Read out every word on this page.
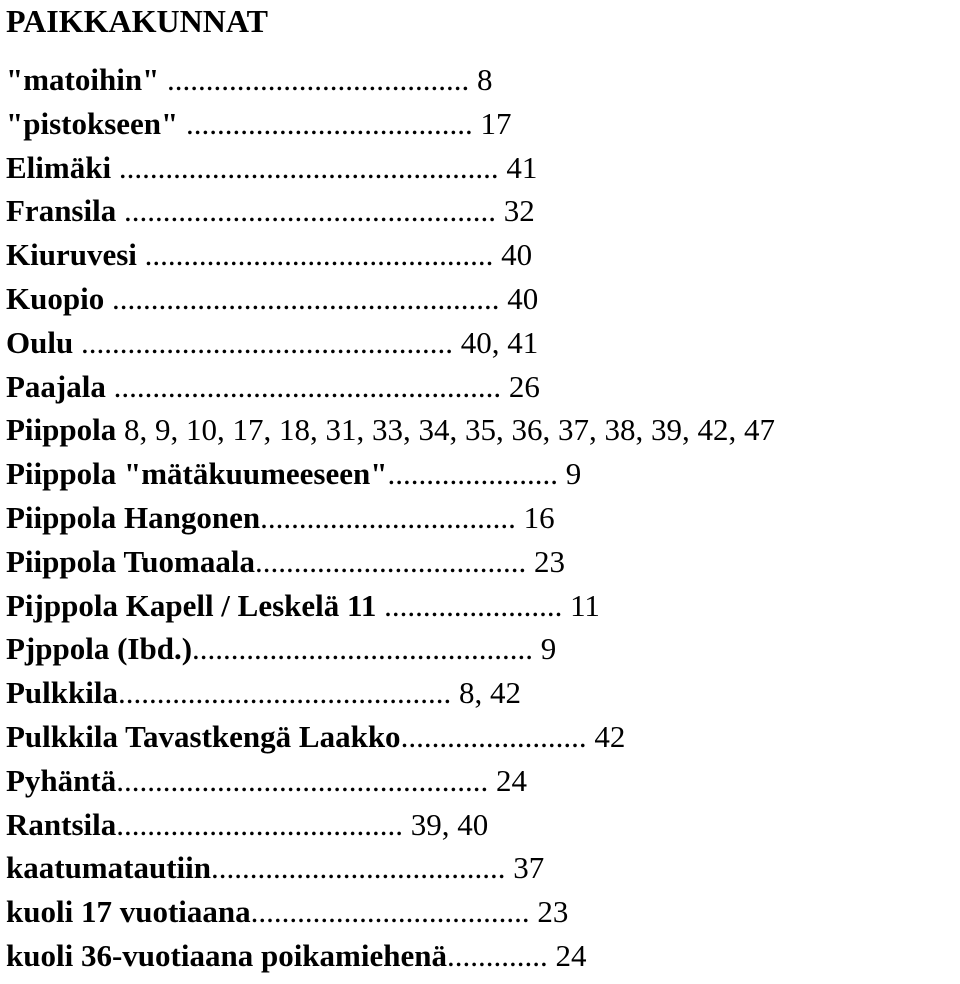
PAIKKAKUNNAT
"matoihin" ....................................... 8
"pistokseen" ..................................... 17
Elimäki ................................................. 41
Fransila ................................................ 32
Kiuruvesi ............................................. 40
Kuopio .................................................. 40
Oulu ................................................ 40, 41
Paajala .................................................. 26
Piippola 8, 9, 10, 17, 18, 31, 33, 34, 35, 36, 37, 38, 39, 42, 47
Piippola "mätäkuumeeseen"...................... 9
Piippola Hangonen................................. 16
Piippola Tuomaala................................... 23
Pijppola Kapell / Leskelä 11 ....................... 11
Pjppola (Ibd.)............................................ 9
Pulkkila........................................... 8, 42
Pulkkila Tavastkengä Laakko........................ 42
Pyhäntä................................................ 24
Rantsila..................................... 39, 40
kaatumatautiin...................................... 37
kuoli 17 vuotiaana.................................... 23
kuoli 36-vuotiaana poikamiehenä............. 24
